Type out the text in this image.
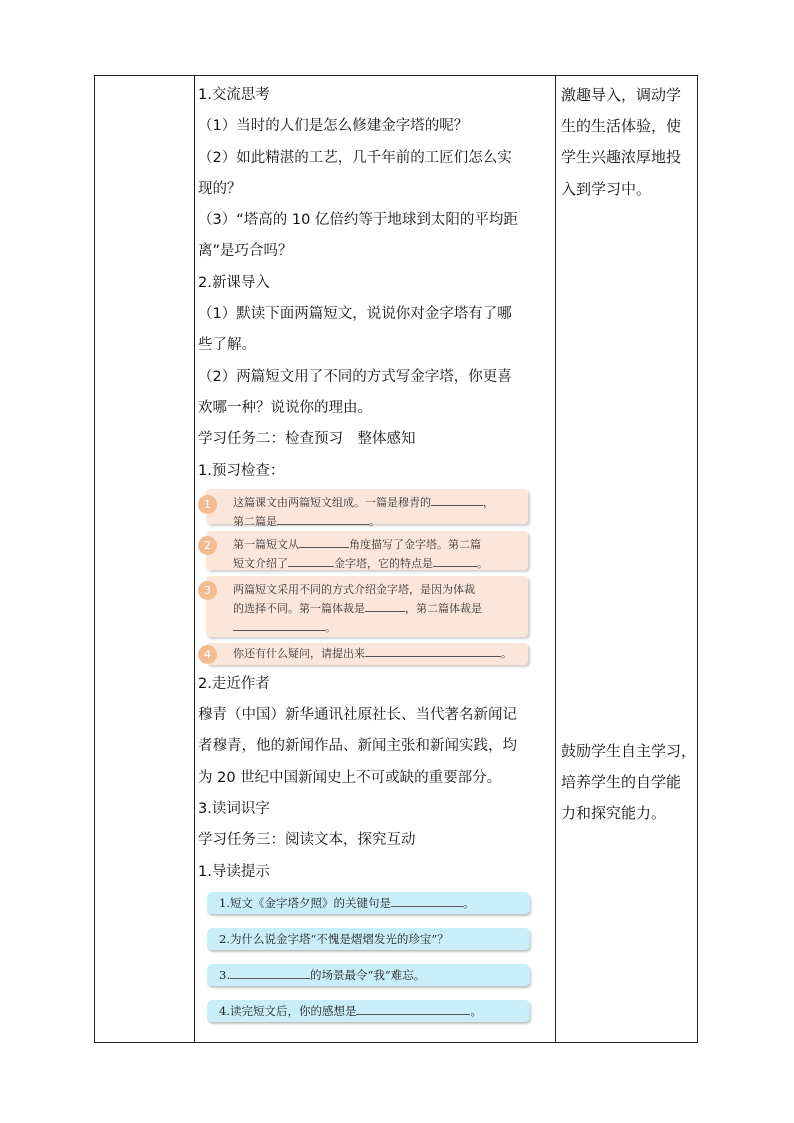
1.交流思考
（1）当时的人们是怎么修建金字塔的呢？
（2）如此精湛的工艺，几千年前的工匠们怎么实
现的？
（3）“塔高的 10 亿倍约等于地球到太阳的平均距
离”是巧合吗？
2.新课导入
（1）默读下面两篇短文，说说你对金字塔有了哪
些了解。
（2）两篇短文用了不同的方式写金字塔，你更喜
欢哪一种？说说你的理由。
学习任务二：检查预习　整体感知
1.预习检查：
1	这篇课文由两篇短文组成。一篇是穆青的	，
第二篇是	。
2	第一篇短文从	角度描写了金字塔。第二篇
短文介绍了	金字塔，它的特点是	。
3	两篇短文采用不同的方式介绍金字塔，是因为体裁
的选择不同。第一篇体裁是	，第二篇体裁是
。
4	你还有什么疑问，请提出来	。
2.走近作者
穆青（中国）新华通讯社原社长、当代著名新闻记
者穆青，他的新闻作品、新闻主张和新闻实践，均
为 20 世纪中国新闻史上不可或缺的重要部分。
3.读词识字
学习任务三：阅读文本，探究互动
1.导读提示
1.短文《金字塔夕照》的关键句是	。
2.为什么说金字塔“不愧是熠熠发光的珍宝”？
3.	的场景最令“我”难忘。
4.读完短文后，你的感想是	。
激趣导入，调动学
生的生活体验，使
学生兴趣浓厚地投
入到学习中。
鼓励学生自主学习，
培养学生的自学能
力和探究能力。
